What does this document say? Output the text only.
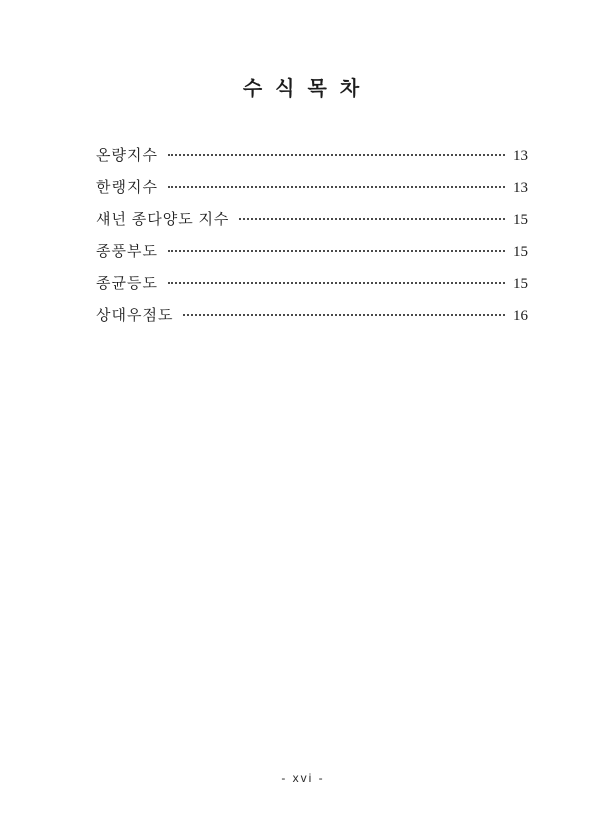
수 식 목 차
온량지수	13
한랭지수	13
섀넌 종다양도 지수	15
종풍부도	15
종균등도	15
상대우점도	16
- xvi -
